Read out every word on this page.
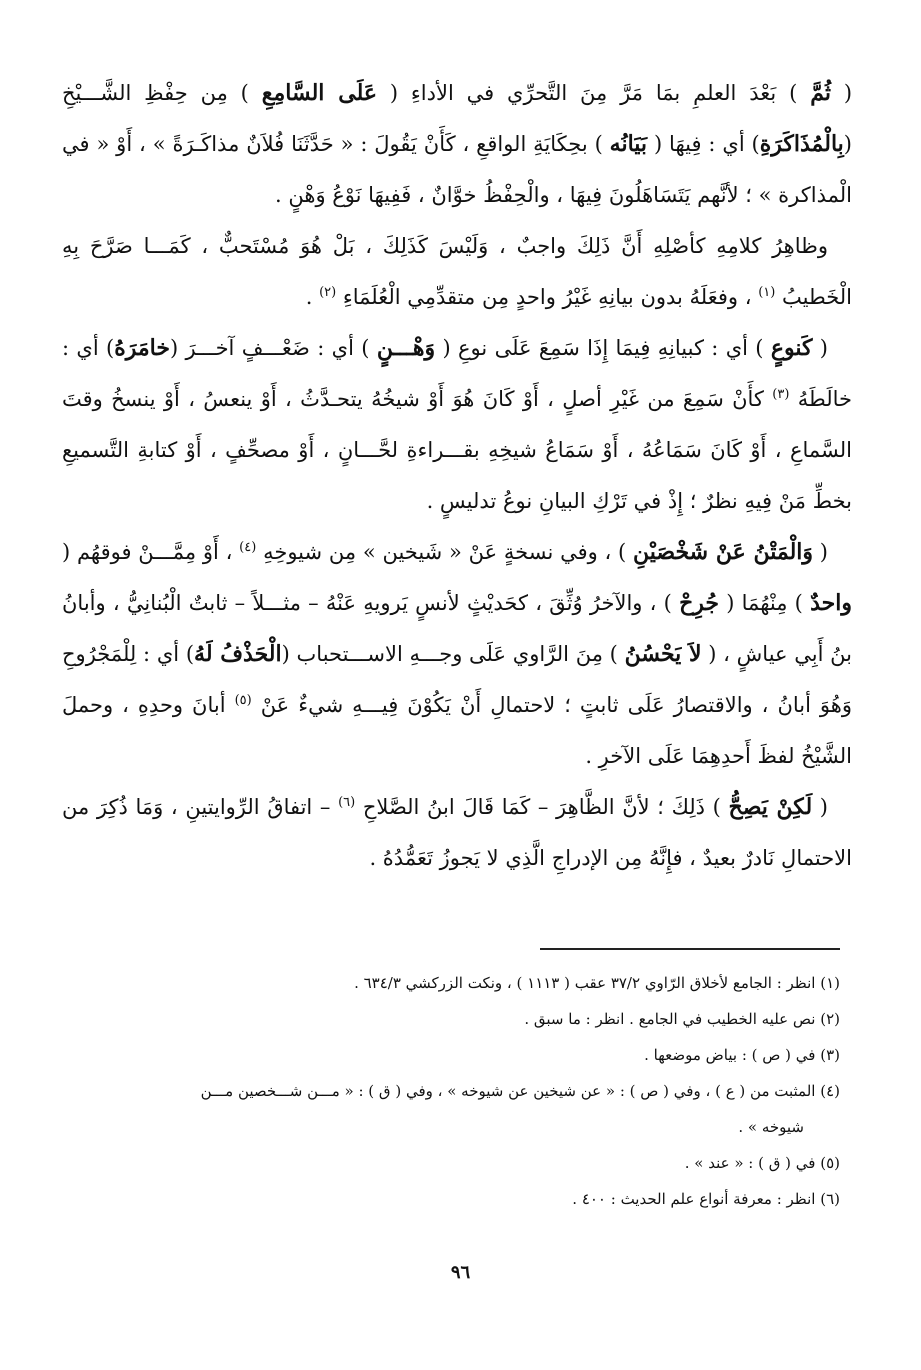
( ثُمَّ ) بَعْدَ العلمِ بمَا مَرَّ مِنَ التَّحرِّي في الأداءِ ( عَلَى السَّامِعِ ) مِن حِفْظِ الشَّـــيْخِ (بِالْمُذَاكَرَةِ) أي : فِيهَا ( بَيَانُه ) بحِكَايَةِ الواقعِ ، كَأَنْ يَقُولَ : « حَدَّثَنَا فُلاَنٌ مذاكَـرَةً » ، أَوْ « في الْمذاكرة » ؛ لأنَّهم يَتَسَاهَلُونَ فِيهَا ، والْحِفْظُ خوَّانٌ ، فَفِيهَا نَوْعُ وَهْنٍ .

وظاهِرُ كلامِهِ كأصْلِهِ أَنَّ ذَلِكَ واجبٌ ، وَلَيْسَ كَذَلِكَ ، بَلْ هُوَ مُسْتَحبٌّ ، كَمَـــا صَرَّحَ بِهِ الْخَطيبُ $^{(١)}$ ، وفعَلَهُ بدون بيانِهِ غَيْرُ واحدٍ مِن متقدِّمِي الْعُلَمَاءِ $^{(٢)}$ .

( كَنوعٍ ) أي : كبيانِهِ فِيمَا إِذَا سَمِعَ عَلَى نوعِ ( وَهْـــنٍ ) أي : ضَعْـــفٍ آخـــرَ (خامَرَهُ) أي : خالَطَهُ $^{(٣)}$ كأَنْ سَمِعَ من غَيْرِ أصلٍ ، أَوْ كَانَ هُوَ أَوْ شيخُهُ يتحـدَّثُ ، أَوْ ينعسُ ، أَوْ ينسخُ وقتَ السَّماعِ ، أَوْ كَانَ سَمَاعُهُ ، أَوْ سَمَاعُ شيخِهِ بقـــراءةِ لحَّـــانٍ ، أَوْ مصحِّفٍ ، أَوْ كتابةِ التَّسميعِ بخطِّ مَنْ فِيهِ نظرٌ ؛ إِذْ في تَرْكِ البيانِ نوعُ تدليسٍ .

( وَالْمَتْنُ عَنْ شَخْصَيْنِ ) ، وفي نسخةٍ عَنْ « شَيخين » مِن شيوخِهِ $^{(٤)}$ ، أَوْ مِمَّـــنْ فوقهُم ( واحدٌ ) مِنْهُمَا ( جُرِحْ ) ، والآخرُ وُثِّقَ ، كحَديْثٍ لأنسٍ يَرويهِ عَنْهُ – مثـــلاً – ثابتٌ الْبُنانِيُّ ، وأبانُ بنُ أَبِي عياشٍ ، ( لاَ يَحْسُنُ ) مِنَ الرَّاوي عَلَى وجـــهِ الاســـتحباب (الْحَذْفُ لَهُ) أي : لِلْمَجْرُوحِ وَهُوَ أبانُ ، والاقتصارُ عَلَى ثابتٍ ؛ لاحتمالِ أَنْ يَكُوْنَ فِيـــهِ شيءٌ عَنْ $^{(٥)}$ أبانَ وحدِهِ ، وحملَ الشَّيْخُ لفظَ أَحدِهِمَا عَلَى الآخرِ .

( لَكِنْ يَصِحُّ ) ذَلِكَ ؛ لأنَّ الظَّاهِرَ – كَمَا قَالَ ابنُ الصَّلاحِ $^{(٦)}$ – اتفاقُ الرِّوايتينِ ، وَمَا ذُكِرَ من الاحتمالِ نَادرٌ بعيدٌ ، فإِنَّهُ مِن الإدراجِ الَّذِي لا يَجوزُ تَعَمُّدُهُ .

(١) انظر : الجامع لأخلاق الرّاوي ٣٧/٢ عقب ( ١١١٣ ) ، ونكت الزركشي ٦٣٤/٣ .

(٢) نص عليه الخطيب في الجامع . انظر : ما سبق .

(٣) في ( ص ) : بياض موضعها .

(٤) المثبت من ( ع ) ، وفي ( ص ) : « عن شيخين عن شيوخه » ، وفي ( ق ) : « مـــن شـــخصين مـــن

شيوخه » .

(٥) في ( ق ) : « عند » .

(٦) انظر : معرفة أنواع علم الحديث : ٤٠٠ .

٩٦
